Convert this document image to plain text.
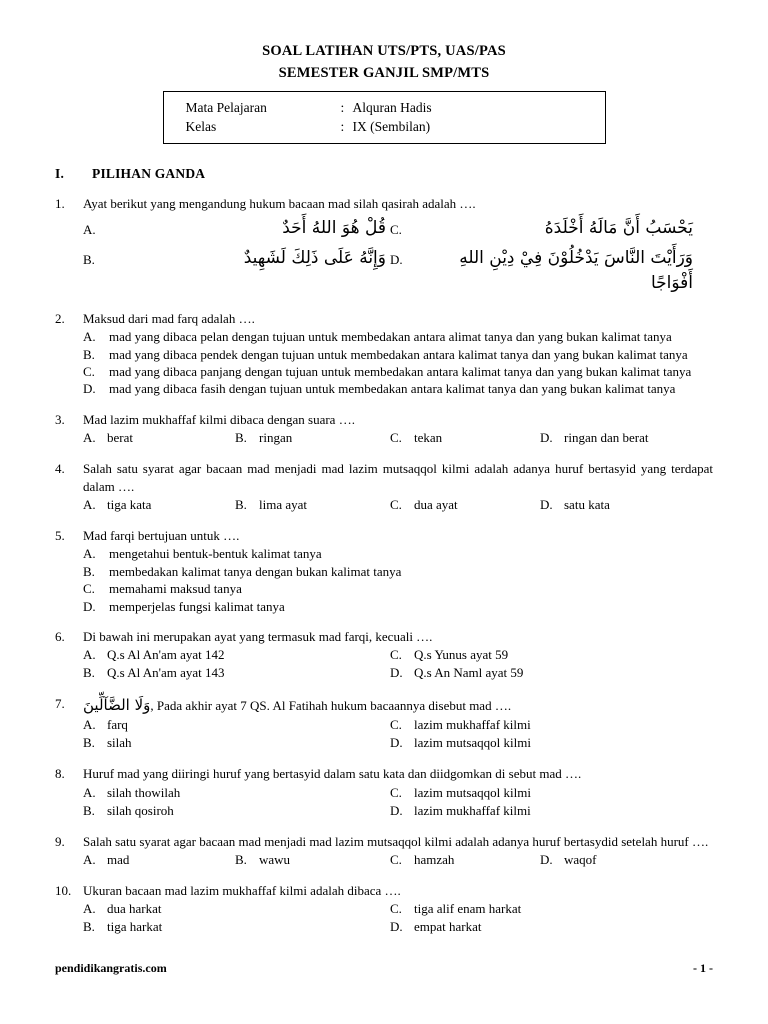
SOAL LATIHAN UTS/PTS, UAS/PAS
SEMESTER GANJIL SMP/MTS
Mata Pelajaran	: Alquran Hadis
Kelas	: IX (Sembilan)
I. PILIHAN GANDA
1.	Ayat berikut yang mengandung hukum bacaan mad silah qasirah adalah ….
A.	قُلْ هُوَ اللهُ أَحَدٌ C.	يَحْسَبُ أَنَّ مَالَهُ أَخْلَدَهُ
B.	وَإِنَّهُ عَلَى ذَلِكَ لَشَهِيدٌ D.	وَرَأَيْتَ النَّاسَ يَدْخُلُوْنَ فِيْ دِيْنِ اللهِ أَفْوَاجًا
2.	Maksud dari mad farq adalah ….
A.	mad yang dibaca pelan dengan tujuan untuk membedakan antara alimat tanya dan yang bukan kalimat tanya
B.	mad yang dibaca pendek dengan tujuan untuk membedakan antara kalimat tanya dan yang bukan kalimat tanya
C.	mad yang dibaca panjang dengan tujuan untuk membedakan antara kalimat tanya dan yang bukan kalimat tanya
D.	mad yang dibaca fasih dengan tujuan untuk membedakan antara kalimat tanya dan yang bukan kalimat tanya
3.	Mad lazim mukhaffaf kilmi dibaca dengan suara ….
A. berat	B. ringan	C. tekan	D. ringan dan berat
4.	Salah satu syarat agar bacaan mad menjadi mad lazim mutsaqqol kilmi adalah adanya huruf bertasyid yang terdapat dalam ….
A. tiga kata	B. lima ayat	C. dua ayat	D. satu kata
5.	Mad farqi bertujuan untuk ….
A.	mengetahui bentuk-bentuk kalimat tanya
B.	membedakan kalimat tanya dengan bukan kalimat tanya
C.	memahami maksud tanya
D.	memperjelas fungsi kalimat tanya
6.	Di bawah ini merupakan ayat yang termasuk mad farqi, kecuali ….
A. Q.s Al An'am ayat 142	C. Q.s Yunus ayat 59
B. Q.s Al An'am ayat 143	D. Q.s An Naml ayat 59
7.	وَلَا الضَّآلِّينَ, Pada akhir ayat 7 QS. Al Fatihah hukum bacaannya disebut mad ….
A. farq	C. lazim mukhaffaf kilmi
B. silah	D. lazim mutsaqqol kilmi
8.	Huruf mad yang diiringi huruf yang bertasyid dalam satu kata dan diidgomkan di sebut mad ….
A. silah thowilah	C. lazim mutsaqqol kilmi
B. silah qosiroh	D. lazim mukhaffaf kilmi
9.	Salah satu syarat agar bacaan mad menjadi mad lazim mutsaqqol kilmi adalah adanya huruf bertasydid setelah huruf ….
A. mad	B. wawu	C. hamzah	D. waqof
10. Ukuran bacaan mad lazim mukhaffaf kilmi adalah dibaca ….
A. dua harkat	C. tiga alif enam harkat
B. tiga harkat	D. empat harkat
pendidikangratis.com	- 1 -
